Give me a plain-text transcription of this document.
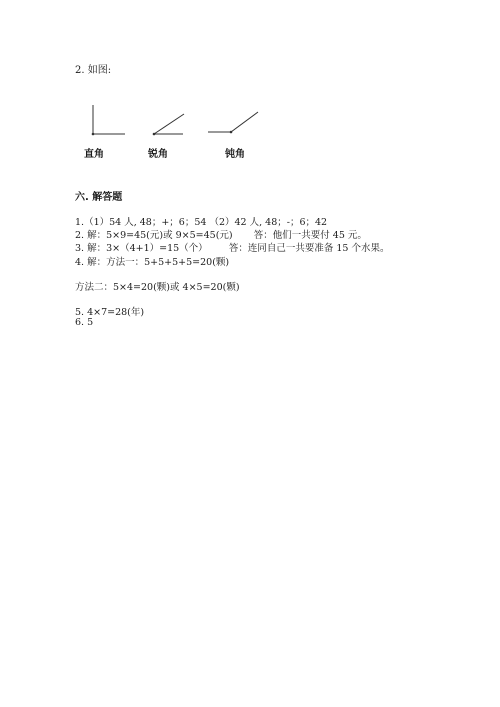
2. 如图:
直角	锐角	钝角
六. 解答题
1.（1）54 人, 48；+；6；54 （2）42 人, 48；-；6；42
2. 解：5×9=45(元)或 9×5=45(元)       答：他们一共要付 45 元。
3. 解：3×（4+1）=15（个）       答：连同自己一共要准备 15 个水果。
4. 解：方法一：5+5+5+5=20(颗)
方法二：5×4=20(颗)或 4×5=20(颗)
5. 4×7=28(年)
6. 5
